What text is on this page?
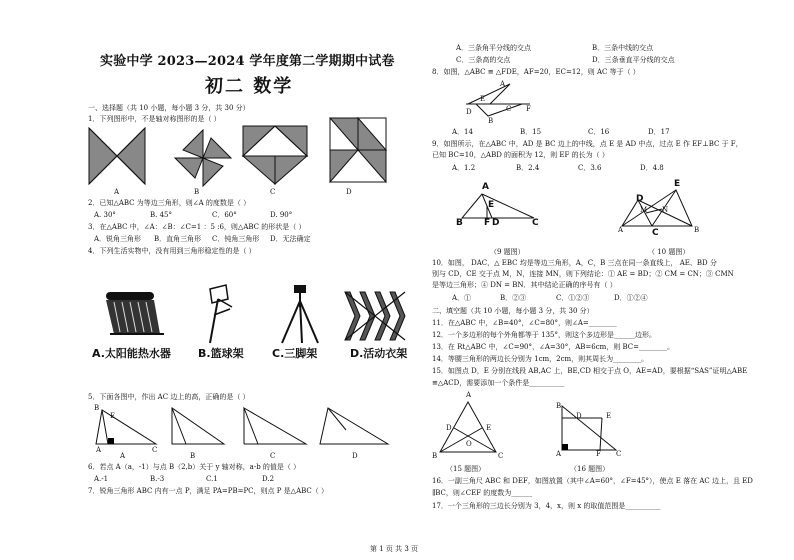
实验中学 2023—2024 学年度第二学期期中试卷
初二 数学
一、选择题（共 10 小题，每小题 3 分，共 30 分）
1．下列图形中，不是轴对称图形的是（ ）
A	B	C	D
2．已知△ABC 为等边三角形，则∠A 的度数是（ ）
A. 30°	B. 45°	C．60°	D. 90°
3．在△ABC 中，∠A：∠B：∠C=1 ：5 :6，则△ABC 的形状是（ ）
A．锐角三角形 B．直角三角形 C．钝角三角形 D．无法确定
4．下列生活实物中，没有用到三角形稳定性的是（ ）
A.太阳能热水器 B.篮球架	C.三脚架	D.活动衣架
5．下面各图中，作出 AC 边上的高，正确的是（ ）
B
E
A	C
A	B	C	D
6．若点 A（a，-1）与点 B（2,b）关于 y 轴对称，a-b 的值是（ ）
A.-1	B.-3	C.1	D.2
7．锐角三角形 ABC 内有一点 P，满足 PA=PB=PC，则点 P 是△ABC（ ）
A．三条角平分线的交点	B．三条中线的交点
C．三条高的交点	D．三条垂直平分线的交点
8．如图，△ABC ≌ △FDE，AF=20，EC=12，则 AC 等于（ ）
A
D
E
B
C F
A．14	B．15	C．16	D．17
9．如图所示，在△ABC 中，AD 是 BC 边上的中线，点 E 是 AD 中点，过点 E 作 EF⊥BC 于 F，
已知 BC=10，△ABD 的面积为 12，则 EF 的长为（ ）
A．1.2	B．2.4	C．3.6	D．4.8
A
E
B F D	C
E
D
M N
A	C	B
（9 题图）	（ 10 题图）
10．如图， DAC，△ EBC 均是等边三角形，A，C，B 三点在同一条直线上， AE、BD 分
别与 CD，CE 交于点 M，N，连接 MN，则下列结论：① AE = BD；② CM = CN；③ CMN
是等边三角形；④ DN = BN．其中结论正确的序号有（ ）
A．①	B．②③	C．①②③	D．①②④
二、填空题（共 10 小题，每小题 3 分，共 30 分）
11．在△ABC 中，∠B=40°，∠C=80°，则∠A=________
12．一个多边形的每个外角都等于 135°，则这个多边形是______边形。
13．在 Rt△ABC 中，∠C=90°，∠A=30°，AB=6cm，则 BC=________。
14．等腰三角形的两边长分别为 1cm，2cm，则其周长为________。
15．如图点 D，E 分别在线段 AB,AC 上，BE,CD 相交于点 O，AE=AD，要根据“SAS”证明△ABE
≌△ACD，需要添加一个条件是__________
A
D	E
O
B	C
B
D	E
A	F C
（15 题图）	（16 题图）
16．一副三角尺 ABC 和 DEF，如图放置（其中∠A=60°，∠F=45°），使点 E 落在 AC 边上，且 ED
∥BC，则∠CEF 的度数为______
17．一个三角形的三边长分别为 3，4，x，则 x 的取值范围是__________
第 1 页 共 3 页
